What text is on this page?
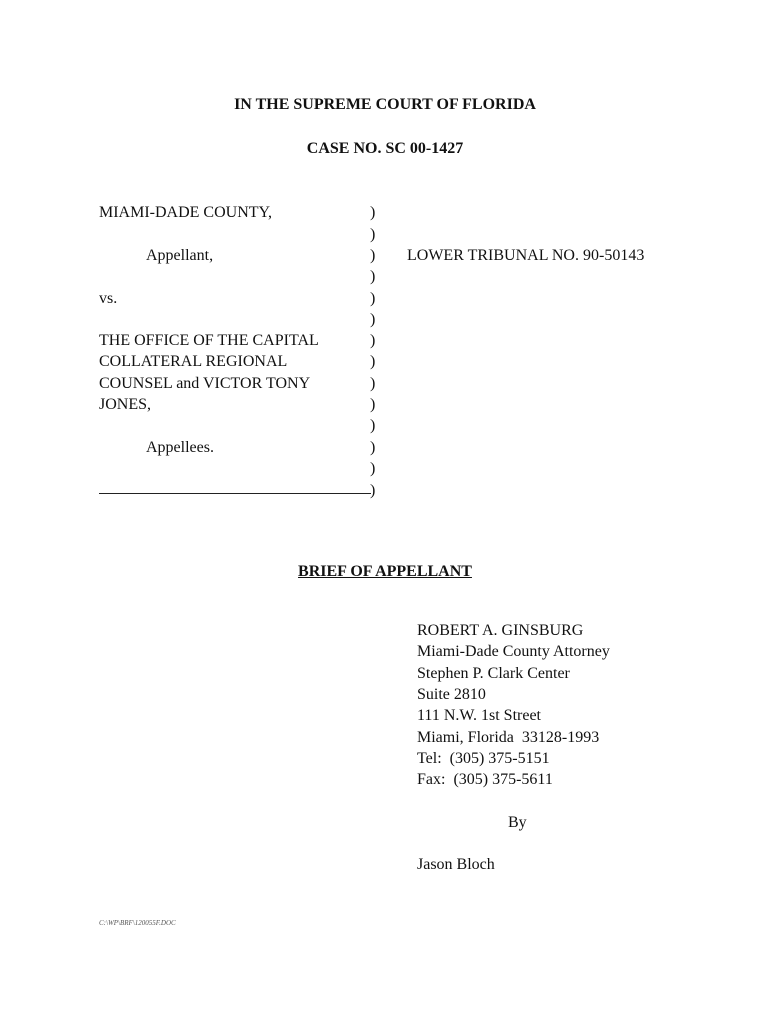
IN THE SUPREME COURT OF FLORIDA
CASE NO. SC 00-1427
MIAMI-DADE COUNTY,
Appellant,
vs.
THE OFFICE OF THE CAPITAL
COLLATERAL REGIONAL
COUNSEL and VICTOR TONY
JONES,
Appellees.
)
)
)
)
)
)
)
)
)
)
)
)
)
)
LOWER TRIBUNAL NO. 90-50143
BRIEF OF APPELLANT
ROBERT A. GINSBURG
Miami-Dade County Attorney
Stephen P. Clark Center
Suite 2810
111 N.W. 1st Street
Miami, Florida  33128-1993
Tel:  (305) 375-5151
Fax:  (305) 375-5611
By
Jason Bloch
C:\WP\BRF\120055F.DOC
